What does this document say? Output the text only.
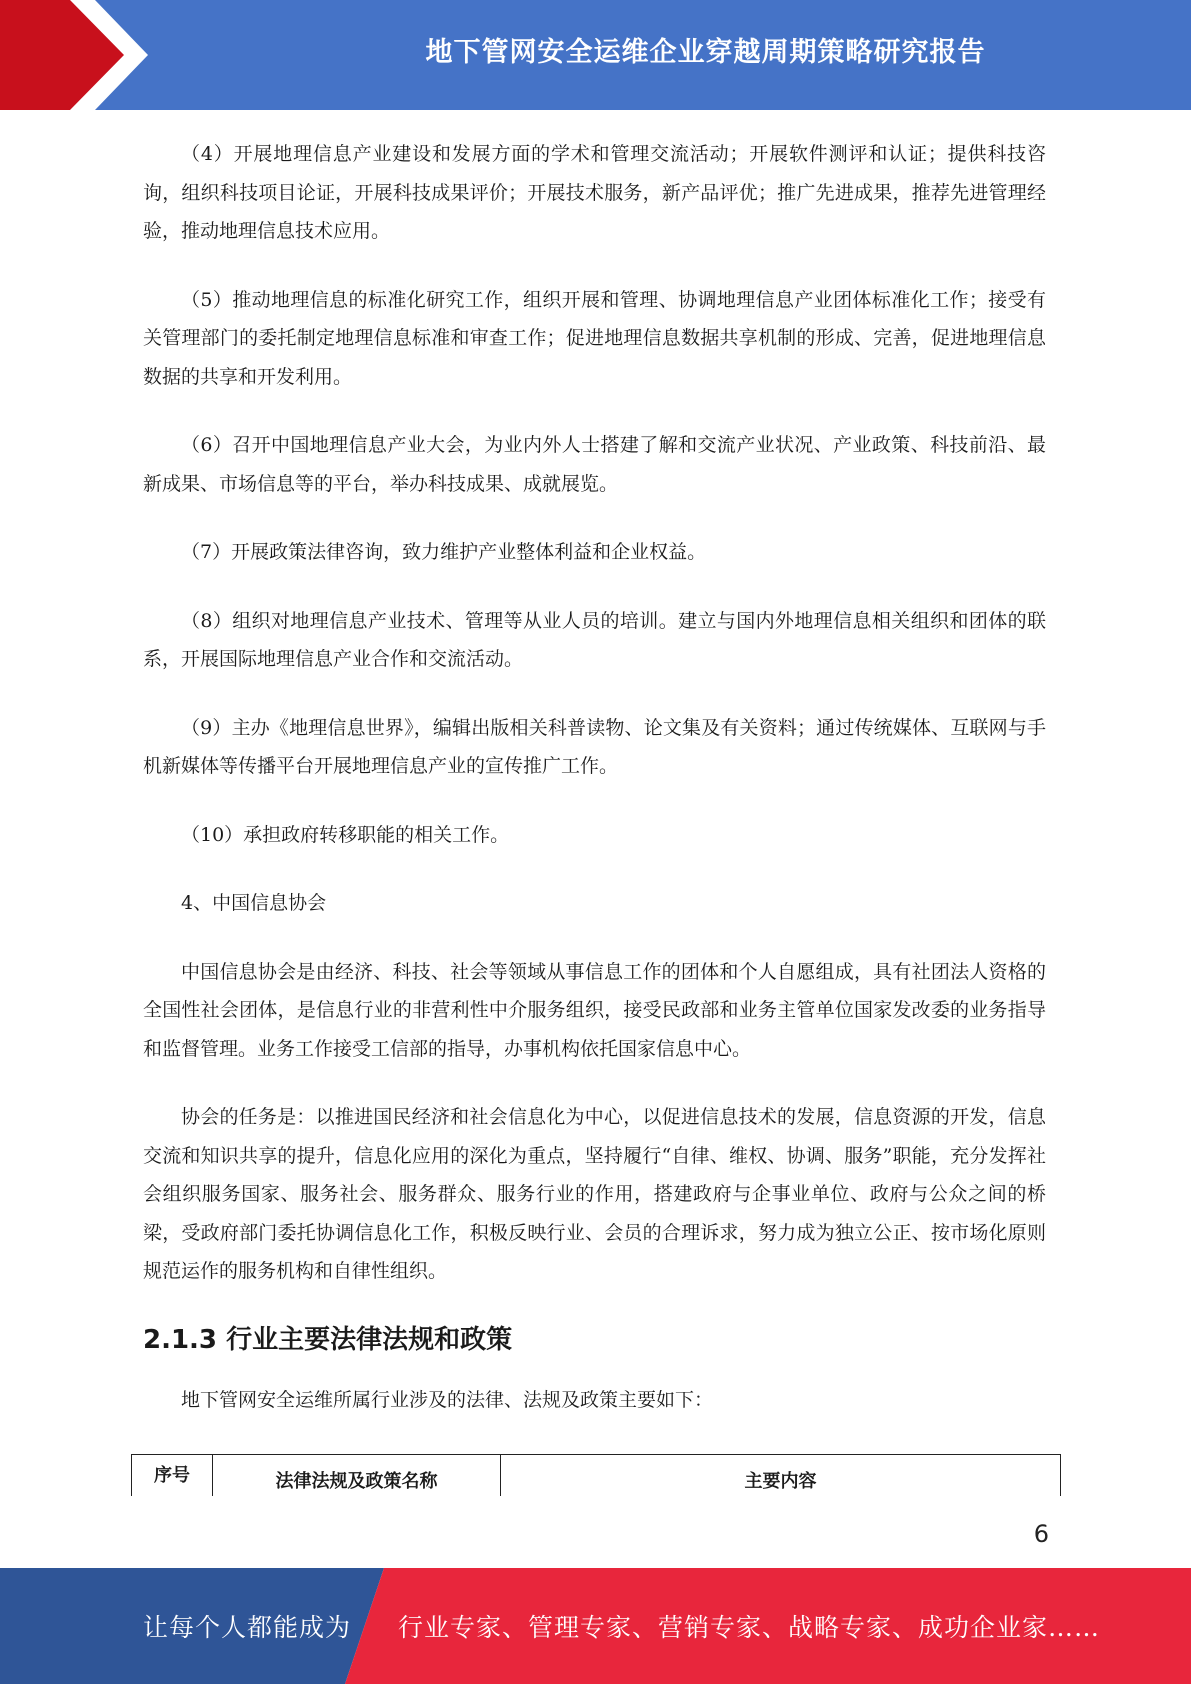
地下管网安全运维企业穿越周期策略研究报告

（4）开展地理信息产业建设和发展方面的学术和管理交流活动；开展软件测评和认证；提供科技咨询，组织科技项目论证，开展科技成果评价；开展技术服务，新产品评优；推广先进成果，推荐先进管理经验，推动地理信息技术应用。

（5）推动地理信息的标准化研究工作，组织开展和管理、协调地理信息产业团体标准化工作；接受有关管理部门的委托制定地理信息标准和审查工作；促进地理信息数据共享机制的形成、完善，促进地理信息数据的共享和开发利用。

（6）召开中国地理信息产业大会，为业内外人士搭建了解和交流产业状况、产业政策、科技前沿、最新成果、市场信息等的平台，举办科技成果、成就展览。

（7）开展政策法律咨询，致力维护产业整体利益和企业权益。

（8）组织对地理信息产业技术、管理等从业人员的培训。建立与国内外地理信息相关组织和团体的联系，开展国际地理信息产业合作和交流活动。

（9）主办《地理信息世界》，编辑出版相关科普读物、论文集及有关资料；通过传统媒体、互联网与手机新媒体等传播平台开展地理信息产业的宣传推广工作。

（10）承担政府转移职能的相关工作。

4、中国信息协会

中国信息协会是由经济、科技、社会等领域从事信息工作的团体和个人自愿组成，具有社团法人资格的全国性社会团体，是信息行业的非营利性中介服务组织，接受民政部和业务主管单位国家发改委的业务指导和监督管理。业务工作接受工信部的指导，办事机构依托国家信息中心。

协会的任务是：以推进国民经济和社会信息化为中心，以促进信息技术的发展，信息资源的开发，信息交流和知识共享的提升，信息化应用的深化为重点，坚持履行“自律、维权、协调、服务”职能，充分发挥社会组织服务国家、服务社会、服务群众、服务行业的作用，搭建政府与企事业单位、政府与公众之间的桥梁，受政府部门委托协调信息化工作，积极反映行业、会员的合理诉求，努力成为独立公正、按市场化原则规范运作的服务机构和自律性组织。

2.1.3 行业主要法律法规和政策

地下管网安全运维所属行业涉及的法律、法规及政策主要如下：

序号	法律法规及政策名称	主要内容
6
让每个人都能成为 行业专家、管理专家、营销专家、战略专家、成功企业家……
